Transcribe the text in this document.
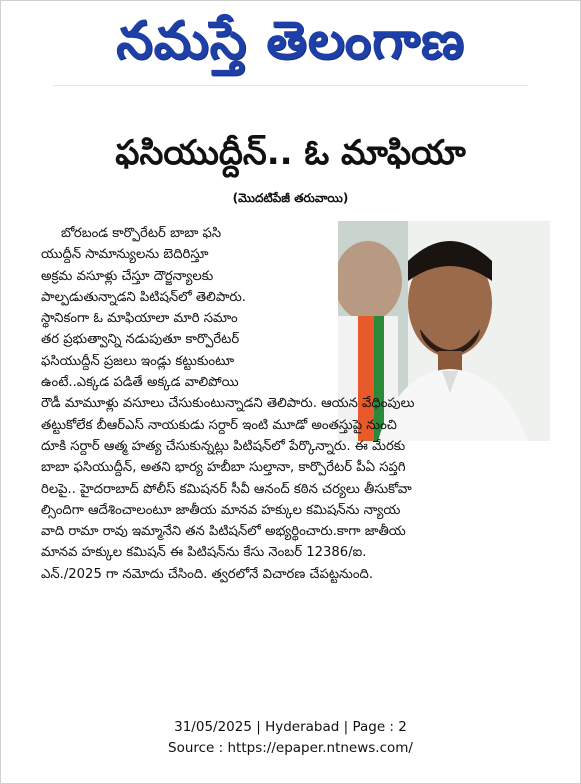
నమస్తే తెలంగాణ
ఫసియుద్దీన్.. ఓ మాఫియా
(మొదటిపేజీ తరువాయి)
బోరబండ కార్పొరేటర్ బాబా ఫసి
యుద్దీన్ సామాన్యులను బెదిరిస్తూ
అక్రమ వసూళ్లు చేస్తూ దౌర్జన్యాలకు
పాల్పడుతున్నాడని పిటిషన్‌లో తెలిపారు.
స్థానికంగా ఓ మాఫియాలా మారి సమాం
తర ప్రభుత్వాన్ని నడుపుతూ కార్పొరేటర్
ఫసియుద్దీన్ ప్రజలు ఇండ్లు కట్టుకుంటూ
ఉంటే..ఎక్కడ పడితే అక్కడ వాలిపోయి
రౌడీ మామూళ్లు వసూలు చేసుకుంటున్నాడని తెలిపారు. ఆయన వేధింపులు
తట్టుకోలేక బీఆర్‌ఎస్ నాయకుడు సర్దార్ ఇంటి మూడో అంతస్తుపై నుంచి
దూకి సర్దార్ ఆత్మ హత్య చేసుకున్నట్లు పిటిషన్‌లో పేర్కొన్నారు. ఈ మేరకు
బాబా ఫసియుద్దీన్, అతని భార్య హబీబా సుల్తానా, కార్పొరేటర్ పీఏ సప్తగి
రిలపై.. హైదరాబాద్ పోలీస్ కమిషనర్ సీవీ ఆనంద్ కఠిన చర్యలు తీసుకోవా
ల్సిందిగా ఆదేశించాలంటూ జాతీయ మానవ హక్కుల కమిషన్‌ను న్యాయ
వాది రామా రావు ఇమ్మానేని తన పిటిషన్‌లో అభ్యర్థించారు.కాగా జాతీయ
మానవ హక్కుల కమిషన్ ఈ పిటిషన్‌ను కేసు నెంబర్ 12386/ఐ.
ఎన్./2025 గా నమోదు చేసింది. త్వరలోనే విచారణ చేపట్టనుంది.
31/05/2025 | Hyderabad | Page : 2
Source : https://epaper.ntnews.com/
